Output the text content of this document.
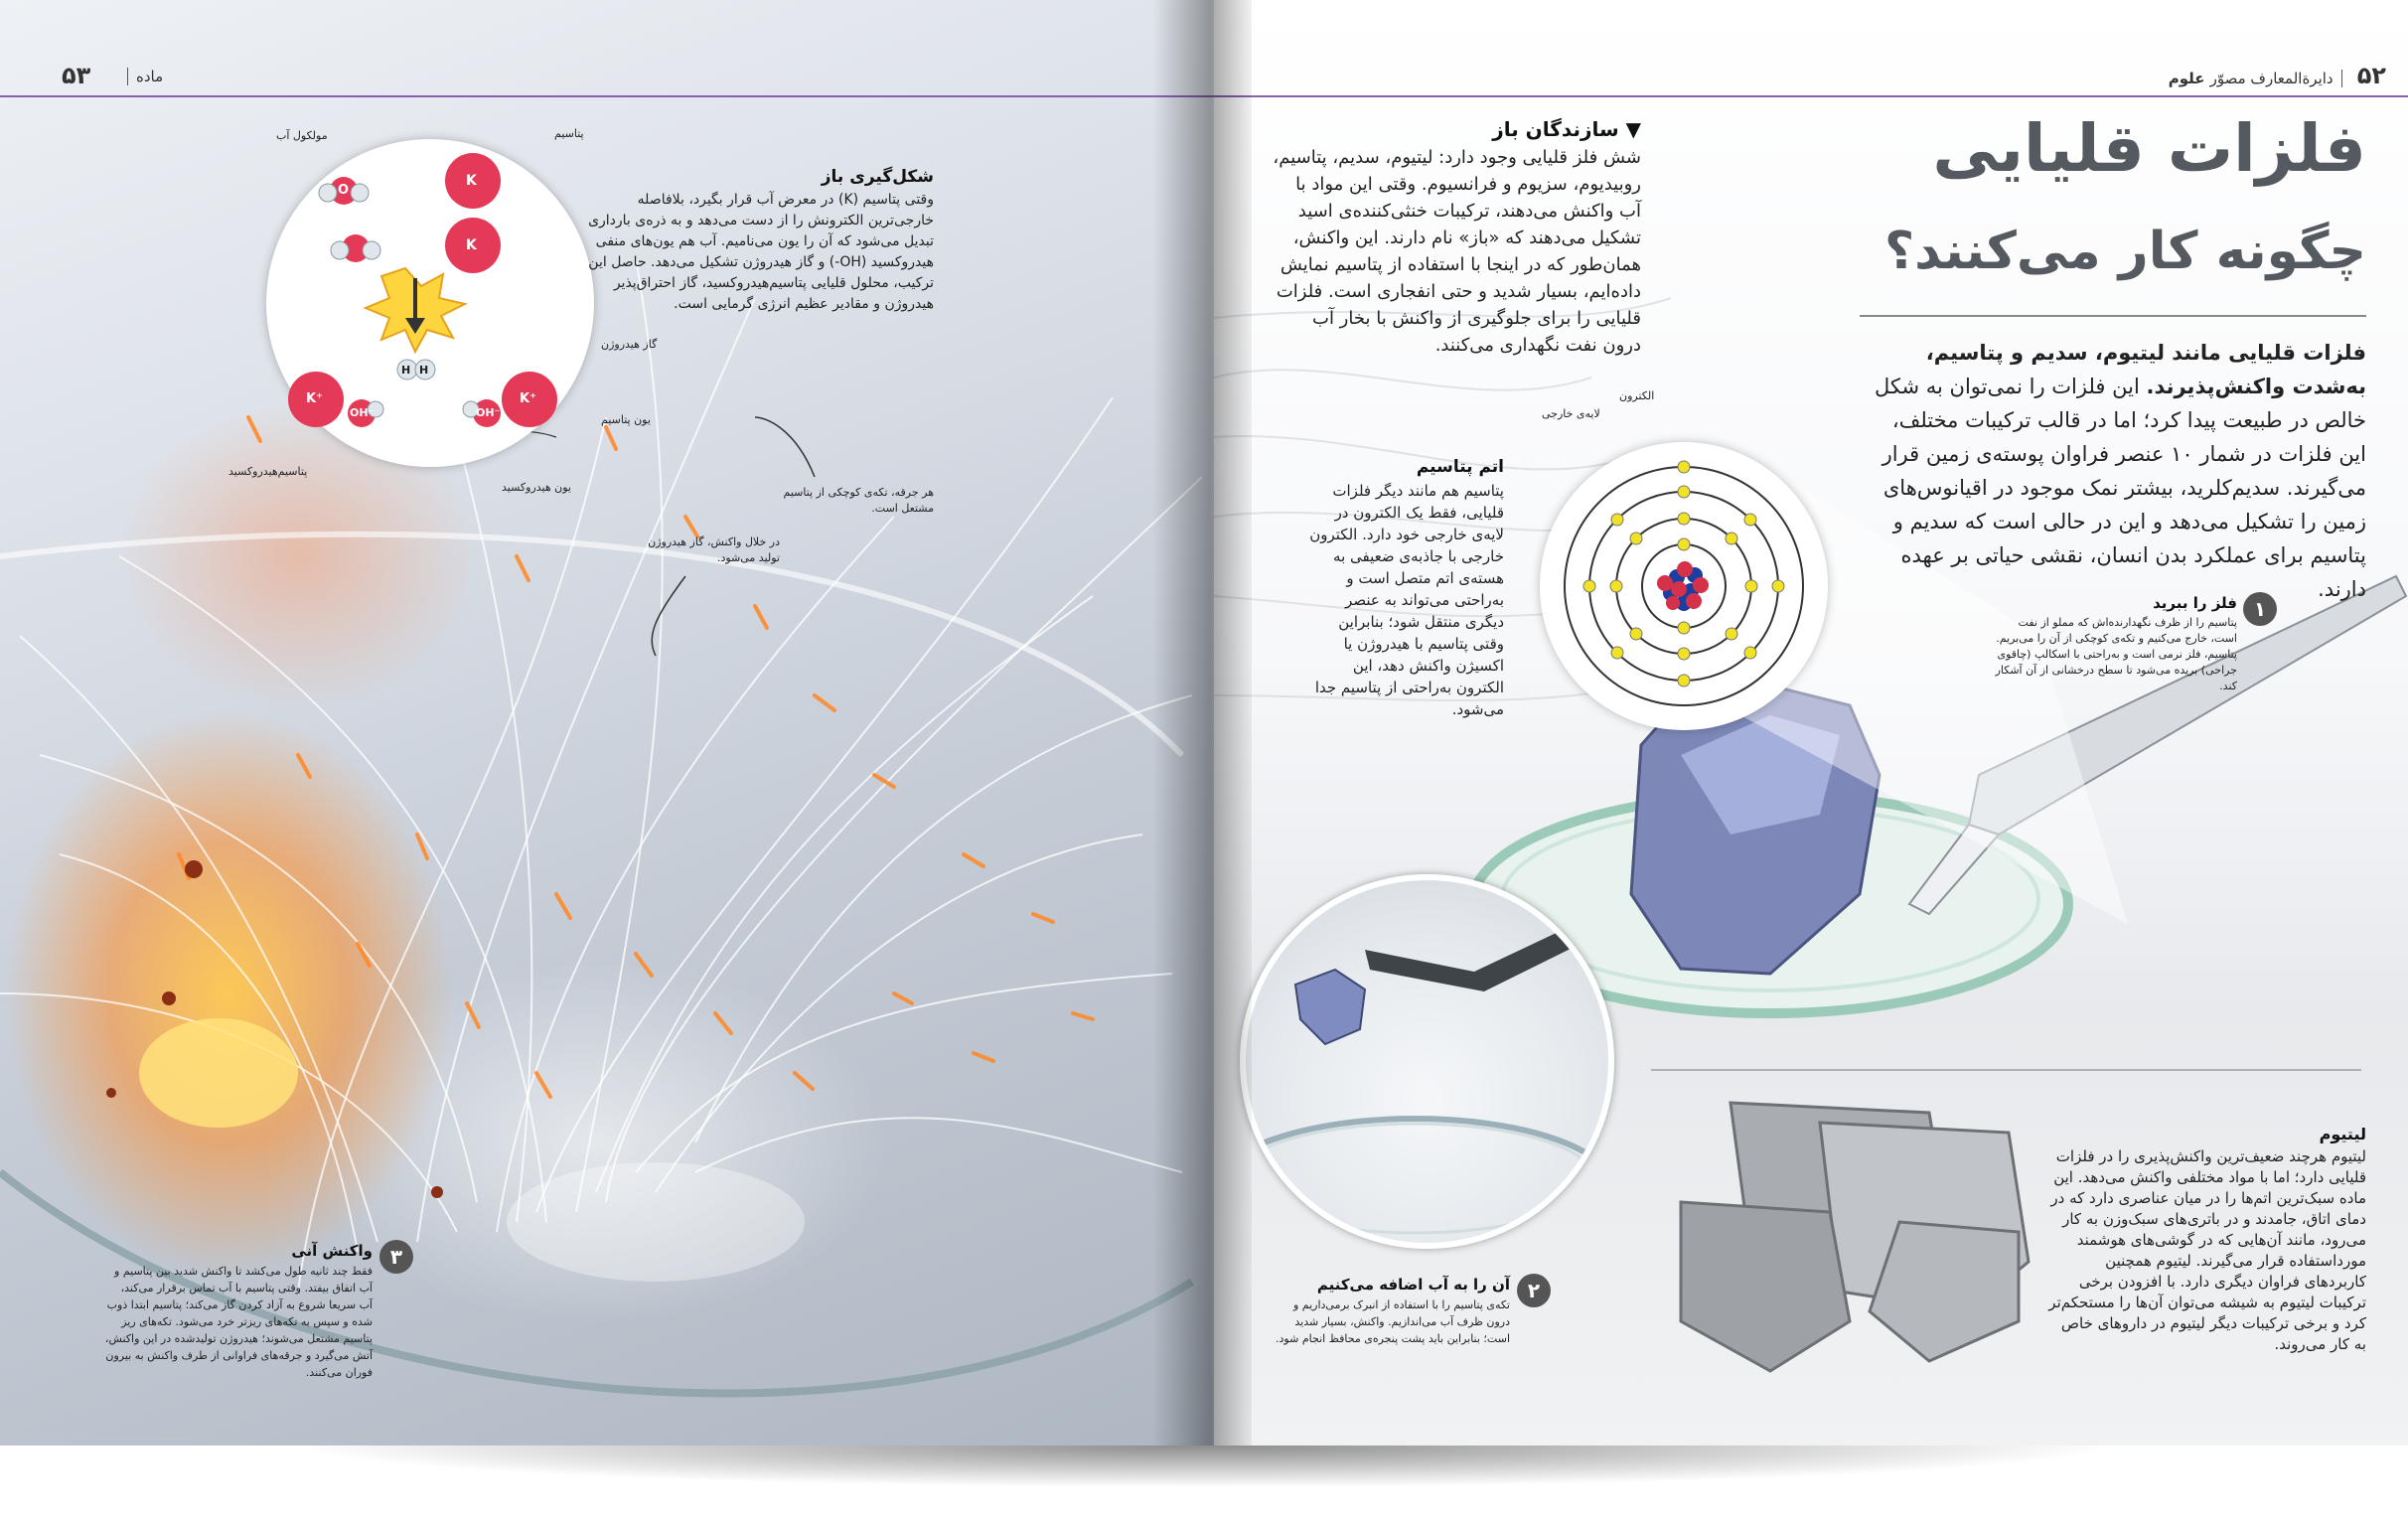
۵۳	ماده
O
K
K
H H
K⁺
OH⁻
K⁺
OH⁻
مولکول آب	پتاسیم
گاز هیدروژن
یون پتاسیم
پتاسیم‌هیدروکسید
یون هیدروکسید
شکل‌گیری باز
وقتی پتاسیم (K) در معرض آب قرار بگیرد، بلافاصله خارجی‌ترین الکترونش را از دست می‌دهد و به ذره‌ی بارداری تبدیل می‌شود که آن را یون می‌نامیم. آب هم یون‌های منفی هیدروکسید (OH-) و گاز هیدروژن تشکیل می‌دهد. حاصل این ترکیب، محلول قلیایی پتاسیم‌هیدروکسید، گاز احتراق‌پذیر هیدروژن و مقادیر عظیم انرژی گرمایی است.
هر جرقه، تکه‌ی کوچکی از پتاسیم مشتعل است.
در خلال واکنش، گاز هیدروژن تولید می‌شود.
۳
واکنش آنی
فقط چند ثانیه طول می‌کشد تا واکنش شدید بین پتاسیم و آب اتفاق بیفتد. وقتی پتاسیم با آب تماس برقرار می‌کند، آب سریعا شروع به آزاد کردن گاز می‌کند؛ پتاسیم ابتدا ذوب شده و سپس به تکه‌های ریزتر خرد می‌شود. تکه‌های ریز پتاسیم مشتعل می‌شوند؛ هیدروژن تولیدشده در این واکنش، آتش می‌گیرد و جرقه‌های فراوانی از طرف واکنش به بیرون فوران می‌کنند.
۵۲ دایرةالمعارف مصوّر علوم
فلزات قلیایی
چگونه کار می‌کنند؟
فلزات قلیایی مانند لیتیوم، سدیم و پتاسیم، به‌شدت واکنش‌پذیرند. این فلزات را نمی‌توان به شکل خالص در طبیعت پیدا کرد؛ اما در قالب ترکیبات مختلف، این فلزات در شمار ۱۰ عنصر فراوان پوسته‌ی زمین قرار می‌گیرند. سدیم‌کلرید، بیشتر نمک موجود در اقیانوس‌های زمین را تشکیل می‌دهد و این در حالی است که سدیم و پتاسیم برای عملکرد بدن انسان، نقشی حیاتی بر عهده دارند.
▼ سازندگان باز
شش فلز قلیایی وجود دارد: لیتیوم، سدیم، پتاسیم، روبیدیوم، سزیوم و فرانسیوم. وقتی این مواد با آب واکنش می‌دهند، ترکیبات خنثی‌کننده‌ی اسید تشکیل می‌دهند که «باز» نام دارند. این واکنش، همان‌طور که در اینجا با استفاده از پتاسیم نمایش داده‌ایم، بسیار شدید و حتی انفجاری است. فلزات قلیایی را برای جلوگیری از واکنش با بخار آب درون نفت نگهداری می‌کنند.
الکترون
لایه‌ی خارجی
اتم پتاسیم
پتاسیم هم مانند دیگر فلزات قلیایی، فقط یک الکترون در لایه‌ی خارجی خود دارد. الکترون خارجی با جاذبه‌ی ضعیفی به هسته‌ی اتم متصل است و به‌راحتی می‌تواند به عنصر دیگری منتقل شود؛ بنابراین وقتی پتاسیم با هیدروژن یا اکسیژن واکنش دهد، این الکترون به‌راحتی از پتاسیم جدا می‌شود.
۱
فلز را ببرید
پتاسیم را از ظرف نگهدارنده‌اش که مملو از نفت است، خارج می‌کنیم و تکه‌ی کوچکی از آن را می‌بریم. پتاسیم، فلز نرمی است و به‌راحتی با اسکالپ (چاقوی جراحی) بریده می‌شود تا سطح درخشانی از آن آشکار کند.
۲
آن را به آب اضافه می‌کنیم
تکه‌ی پتاسیم را با استفاده از انبرک برمی‌داریم و درون ظرف آب می‌اندازیم. واکنش، بسیار شدید است؛ بنابراین باید پشت پنجره‌ی محافظ انجام شود.
لیتیوم
لیتیوم هرچند ضعیف‌ترین واکنش‌پذیری را در فلزات قلیایی دارد؛ اما با مواد مختلفی واکنش می‌دهد. این ماده سبک‌ترین اتم‌ها را در میان عناصری دارد که در دمای اتاق، جامدند و در باتری‌های سبک‌وزن به کار می‌رود، مانند آن‌هایی که در گوشی‌های هوشمند مورداستفاده قرار می‌گیرند. لیتیوم همچنین کاربردهای فراوان دیگری دارد. با افزودن برخی ترکیبات لیتیوم به شیشه می‌توان آن‌ها را مستحکم‌تر کرد و برخی ترکیبات دیگر لیتیوم در داروهای خاص به کار می‌روند.
